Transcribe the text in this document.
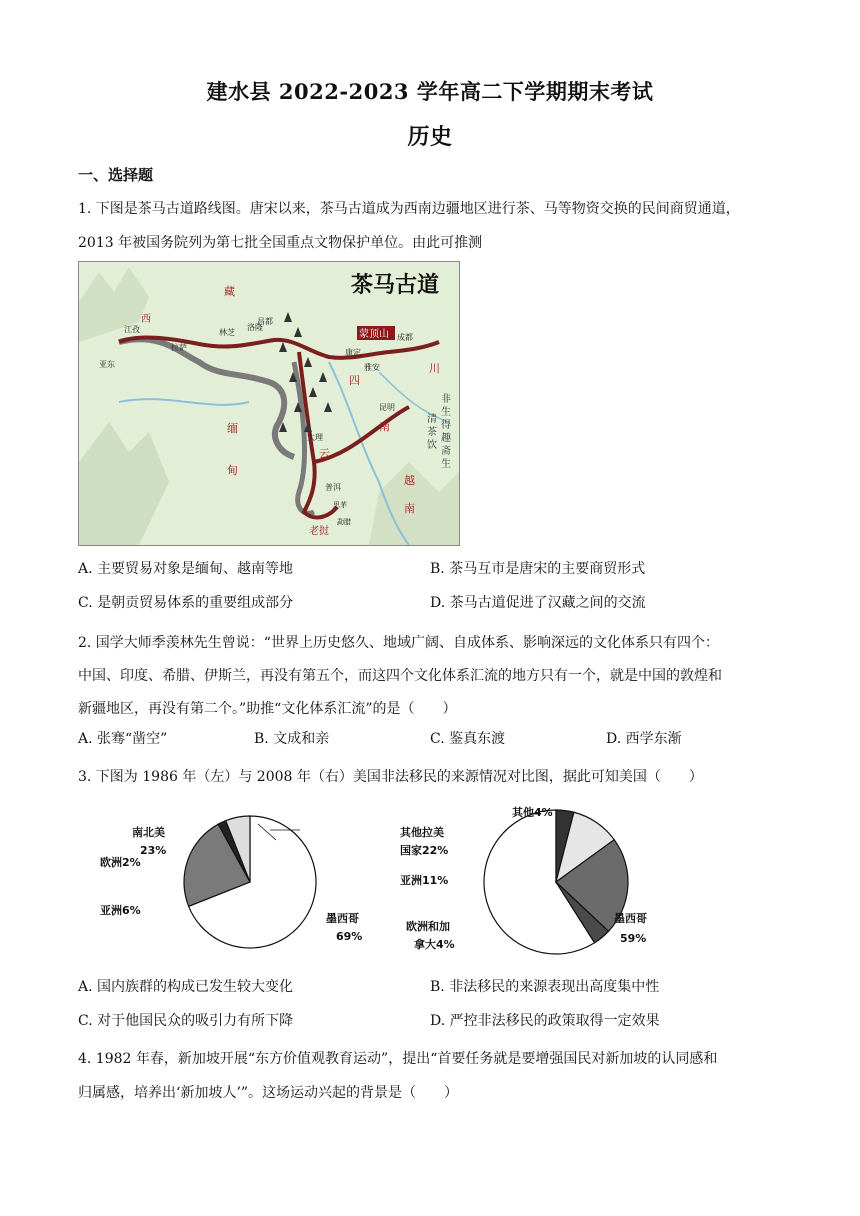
建水县 2022-2023 学年高二下学期期末考试
历史
一、选择题
1. 下图是茶马古道路线图。唐宋以来，茶马古道成为西南边疆地区进行茶、马等物资交换的民间商贸通道，
2013 年被国务院列为第七批全国重点文物保护单位。由此可推测
茶马古道
西
藏
江孜
拉萨
林芝
洛隆
昌都
亚东
康定
成都
雅安
蒙顶山
四
川
缅
甸
云
南
大理
昆明
普洱
思茅
越
南
老挝
勐腊
非
生
得
趣
清
茶
饮
斋
生
A. 主要贸易对象是缅甸、越南等地	B. 茶马互市是唐宋的主要商贸形式
C. 是朝贡贸易体系的重要组成部分	D. 茶马古道促进了汉藏之间的交流
2. 国学大师季羡林先生曾说：“世界上历史悠久、地域广阔、自成体系、影响深远的文化体系只有四个：
中国、印度、希腊、伊斯兰，再没有第五个，而这四个文化体系汇流的地方只有一个，就是中国的敦煌和
新疆地区，再没有第二个。”助推“文化体系汇流”的是（　　）
A. 张骞“凿空”	B. 文成和亲	C. 鉴真东渡	D. 西学东渐
3. 下图为 1986 年（左）与 2008 年（右）美国非法移民的来源情况对比图，据此可知美国（　　）
南北美
23%
欧洲2%
亚洲6%
墨西哥
69%
其他4%
其他拉美
国家22%
亚洲11%
欧洲和加
拿大4%
墨西哥
59%
A. 国内族群的构成已发生较大变化	B. 非法移民的来源表现出高度集中性
C. 对于他国民众的吸引力有所下降	D. 严控非法移民的政策取得一定效果
4. 1982 年春，新加坡开展“东方价值观教育运动”，提出“首要任务就是要增强国民对新加坡的认同感和
归属感，培养出‘新加坡人’”。这场运动兴起的背景是（　　）
